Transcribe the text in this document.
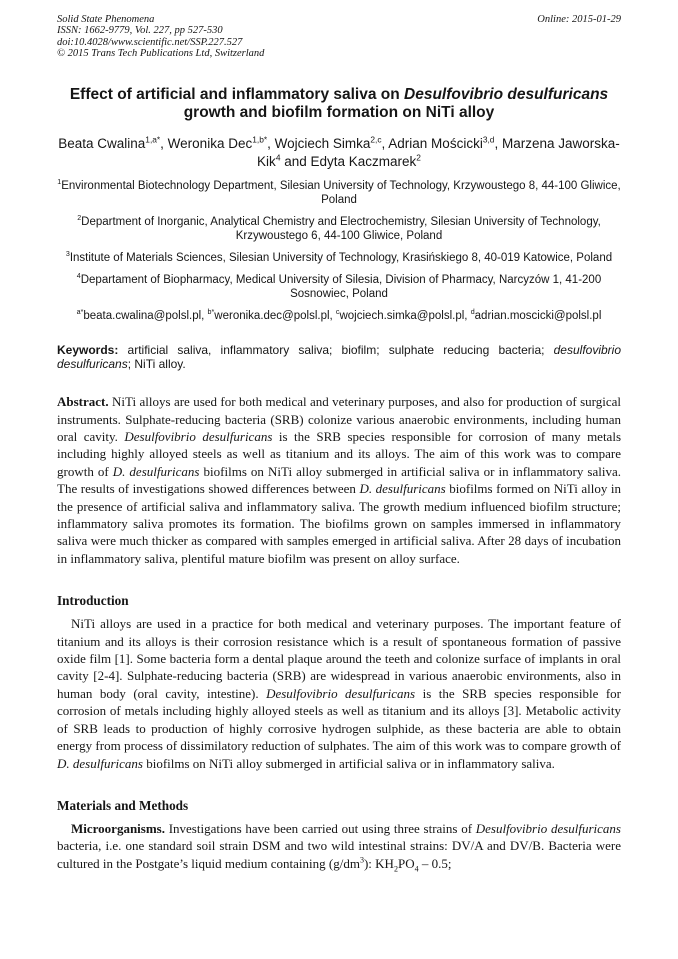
Solid State Phenomena
ISSN: 1662-9779, Vol. 227, pp 527-530
doi:10.4028/www.scientific.net/SSP.227.527
© 2015 Trans Tech Publications Ltd, Switzerland
Online: 2015-01-29
Effect of artificial and inflammatory saliva on Desulfovibrio desulfuricans growth and biofilm formation on NiTi alloy
Beata Cwalina$^{1,a*}$, Weronika Dec$^{1,b*}$, Wojciech Simka$^{2,c}$, Adrian Mościcki$^{3,d}$, Marzena Jaworska-Kik$^4$ and Edyta Kaczmarek$^2$
$^1$Environmental Biotechnology Department, Silesian University of Technology, Krzywoustego 8, 44-100 Gliwice, Poland
$^2$Department of Inorganic, Analytical Chemistry and Electrochemistry, Silesian University of Technology, Krzywoustego 6, 44-100 Gliwice, Poland
$^3$Institute of Materials Sciences, Silesian University of Technology, Krasińskiego 8, 40-019 Katowice, Poland
$^4$Departament of Biopharmacy, Medical University of Silesia, Division of Pharmacy, Narcyzów 1, 41-200 Sosnowiec, Poland
$^{a*}$beata.cwalina@polsl.pl, $^{b*}$weronika.dec@polsl.pl, $^c$wojciech.simka@polsl.pl, $^d$adrian.moscicki@polsl.pl

Keywords: artificial saliva, inflammatory saliva; biofilm; sulphate reducing bacteria; desulfovibrio desulfuricans; NiTi alloy.

Abstract. NiTi alloys are used for both medical and veterinary purposes, and also for production of surgical instruments. Sulphate-reducing bacteria (SRB) colonize various anaerobic environments, including human oral cavity. Desulfovibrio desulfuricans is the SRB species responsible for corrosion of many metals including highly alloyed steels as well as titanium and its alloys. The aim of this work was to compare growth of D. desulfuricans biofilms on NiTi alloy submerged in artificial saliva or in inflammatory saliva. The results of investigations showed differences between D. desulfuricans biofilms formed on NiTi alloy in the presence of artificial saliva and inflammatory saliva. The growth medium influenced biofilm structure; inflammatory saliva promotes its formation. The biofilms grown on samples immersed in inflammatory saliva were much thicker as compared with samples emerged in artificial saliva. After 28 days of incubation in inflammatory saliva, plentiful mature biofilm was present on alloy surface.

Introduction

NiTi alloys are used in a practice for both medical and veterinary purposes. The important feature of titanium and its alloys is their corrosion resistance which is a result of spontaneous formation of passive oxide film [1]. Some bacteria form a dental plaque around the teeth and colonize surface of implants in oral cavity [2-4]. Sulphate-reducing bacteria (SRB) are widespread in various anaerobic environments, also in human body (oral cavity, intestine). Desulfovibrio desulfuricans is the SRB species responsible for corrosion of metals including highly alloyed steels as well as titanium and its alloys [3]. Metabolic activity of SRB leads to production of highly corrosive hydrogen sulphide, as these bacteria are able to obtain energy from process of dissimilatory reduction of sulphates. The aim of this work was to compare growth of D. desulfuricans biofilms on NiTi alloy submerged in artificial saliva or in inflammatory saliva.

Materials and Methods

Microorganisms. Investigations have been carried out using three strains of Desulfovibrio desulfuricans bacteria, i.e. one standard soil strain DSM and two wild intestinal strains: DV/A and DV/B. Bacteria were cultured in the Postgate’s liquid medium containing $(g/dm^3)$: $KH_2PO_4 - 0.5$;
